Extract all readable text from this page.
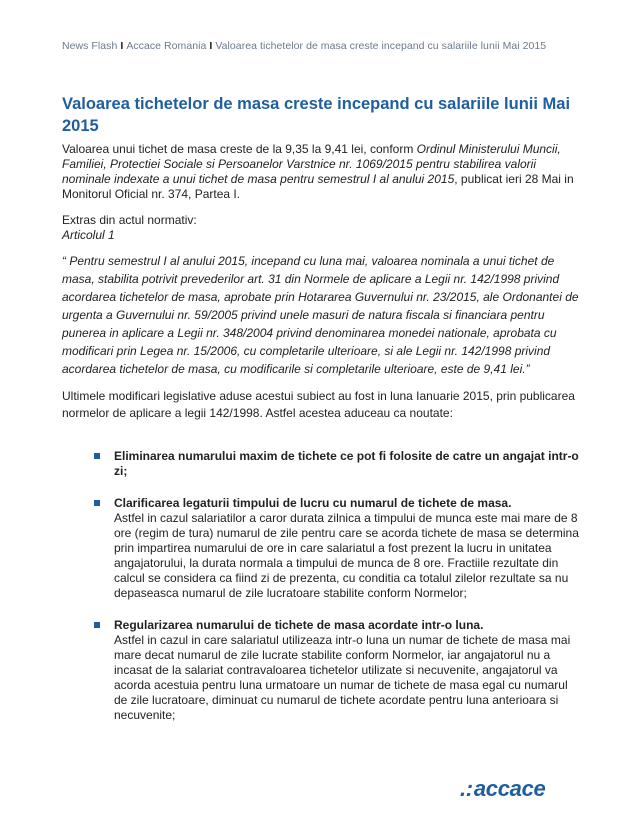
News Flash I Accace Romania I Valoarea tichetelor de masa creste incepand cu salariile lunii Mai 2015
Valoarea tichetelor de masa creste incepand cu salariile lunii Mai 2015

Valoarea unui tichet de masa creste de la 9,35 la 9,41 lei, conform Ordinul Ministerului Muncii, Familiei, Protectiei Sociale si Persoanelor Varstnice nr. 1069/2015 pentru stabilirea valorii nominale indexate a unui tichet de masa pentru semestrul I al anului 2015, publicat ieri 28 Mai in Monitorul Oficial nr. 374, Partea I.

Extras din actul normativ:
Articolul 1

“ Pentru semestrul I al anului 2015, incepand cu luna mai, valoarea nominala a unui tichet de masa, stabilita potrivit prevederilor art. 31 din Normele de aplicare a Legii nr. 142/1998 privind acordarea tichetelor de masa, aprobate prin Hotararea Guvernului nr. 23/2015, ale Ordonantei de urgenta a Guvernului nr. 59/2005 privind unele masuri de natura fiscala si financiara pentru punerea in aplicare a Legii nr. 348/2004 privind denominarea monedei nationale, aprobata cu modificari prin Legea nr. 15/2006, cu completarile ulterioare, si ale Legii nr. 142/1998 privind acordarea tichetelor de masa, cu modificarile si completarile ulterioare, este de 9,41 lei.”

Ultimele modificari legislative aduse acestui subiect au fost in luna Ianuarie 2015, prin publicarea normelor de aplicare a legii 142/1998. Astfel acestea aduceau ca noutate:

Eliminarea numarului maxim de tichete ce pot fi folosite de catre un angajat intr-o zi;
Clarificarea legaturii timpului de lucru cu numarul de tichete de masa.
Astfel in cazul salariatilor a caror durata zilnica a timpului de munca este mai mare de 8 ore (regim de tura) numarul de zile pentru care se acorda tichete de masa se determina prin impartirea numarului de ore in care salariatul a fost prezent la lucru in unitatea angajatorului, la durata normala a timpului de munca de 8 ore. Fractiile rezultate din calcul se considera ca fiind zi de prezenta, cu conditia ca totalul zilelor rezultate sa nu depaseasca numarul de zile lucratoare stabilite conform Normelor;
Regularizarea numarului de tichete de masa acordate intr-o luna.
Astfel in cazul in care salariatul utilizeaza intr-o luna un numar de tichete de masa mai mare decat numarul de zile lucrate stabilite conform Normelor, iar angajatorul nu a incasat de la salariat contravaloarea tichetelor utilizate si necuvenite, angajatorul va acorda acestuia pentru luna urmatoare un numar de tichete de masa egal cu numarul de zile lucratoare, diminuat cu numarul de tichete acordate pentru luna anterioara si necuvenite;
.:accace
